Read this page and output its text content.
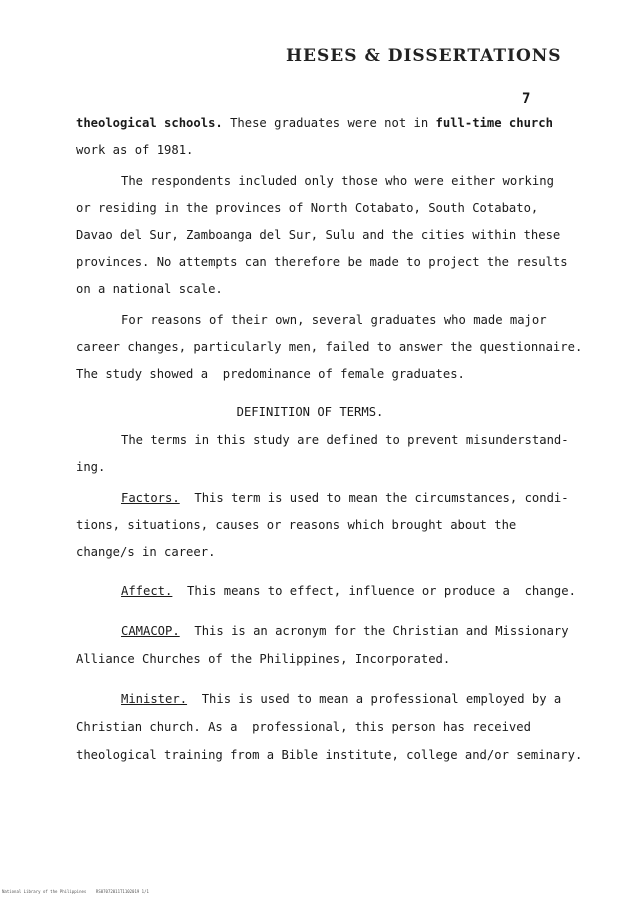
HESES & DISSERTATIONS
7
theological schools. These graduates were not in full-time church
work as of 1981.
The respondents included only those who were either working
or residing in the provinces of North Cotabato, South Cotabato,
Davao del Sur, Zamboanga del Sur, Sulu and the cities within these
provinces. No attempts can therefore be made to project the results
on a national scale.
For reasons of their own, several graduates who made major
career changes, particularly men, failed to answer the questionnaire.
The study showed a  predominance of female graduates.
DEFINITION OF TERMS.
The terms in this study are defined to prevent misunderstand-
ing.
Factors.  This term is used to mean the circumstances, condi-
tions, situations, causes or reasons which brought about the
change/s in career.
Affect.  This means to effect, influence or produce a  change.
CAMACOP.  This is an acronym for the Christian and Missionary
Alliance Churches of the Philippines, Incorporated.
Minister.  This is used to mean a professional employed by a
Christian church. As a  professional, this person has received
theological training from a Bible institute, college and/or seminary.
National Library of the Philippines    RS07072011T1102019 1/1
